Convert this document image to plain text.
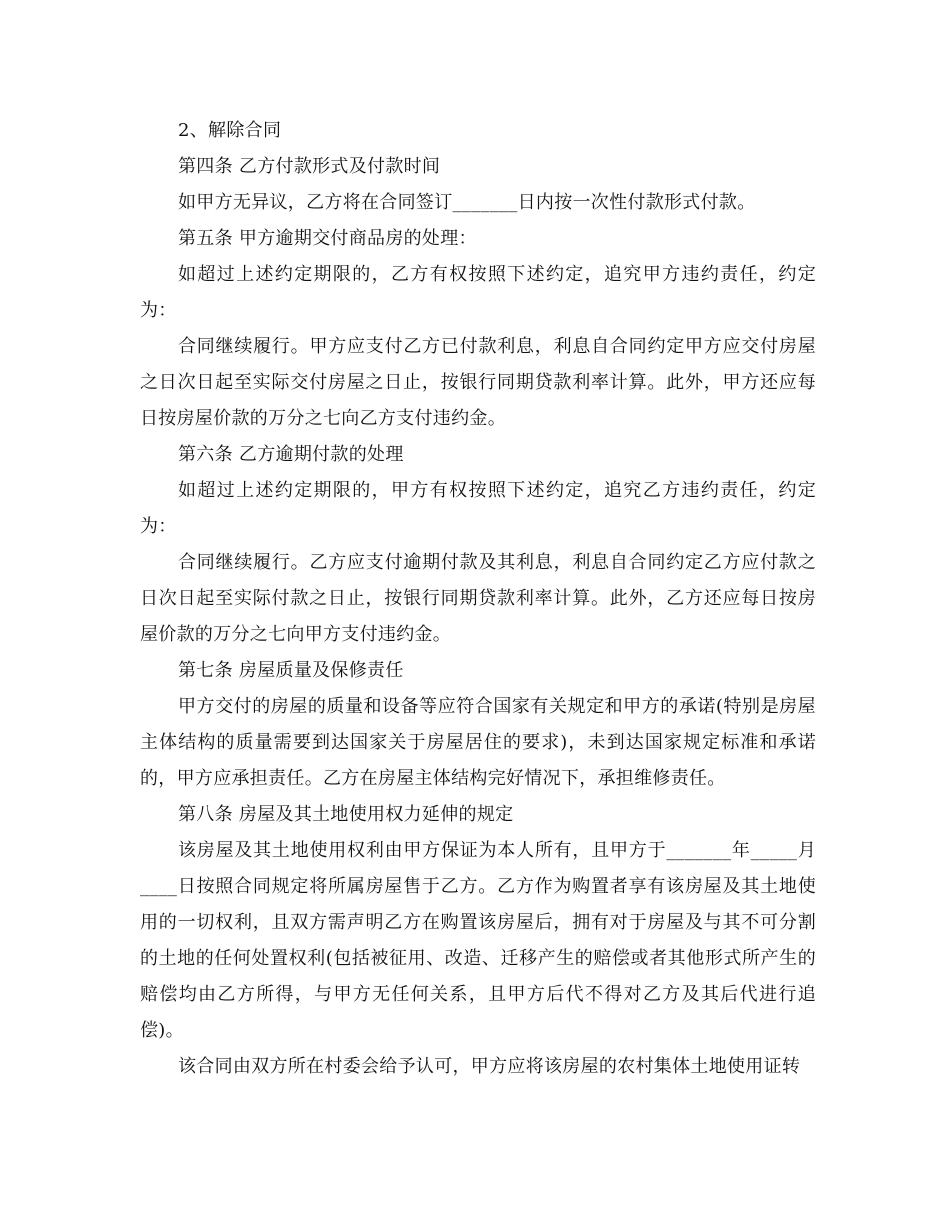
2、解除合同

第四条 乙方付款形式及付款时间

如甲方无异议，乙方将在合同签订_______日内按一次性付款形式付款。

第五条 甲方逾期交付商品房的处理：

如超过上述约定期限的，乙方有权按照下述约定，追究甲方违约责任，约定为：

合同继续履行。甲方应支付乙方已付款利息，利息自合同约定甲方应交付房屋之日次日起至实际交付房屋之日止，按银行同期贷款利率计算。此外，甲方还应每日按房屋价款的万分之七向乙方支付违约金。

第六条 乙方逾期付款的处理

如超过上述约定期限的，甲方有权按照下述约定，追究乙方违约责任，约定为：

合同继续履行。乙方应支付逾期付款及其利息，利息自合同约定乙方应付款之日次日起至实际付款之日止，按银行同期贷款利率计算。此外，乙方还应每日按房屋价款的万分之七向甲方支付违约金。

第七条 房屋质量及保修责任

甲方交付的房屋的质量和设备等应符合国家有关规定和甲方的承诺(特别是房屋主体结构的质量需要到达国家关于房屋居住的要求)，未到达国家规定标准和承诺的，甲方应承担责任。乙方在房屋主体结构完好情况下，承担维修责任。

第八条 房屋及其土地使用权力延伸的规定

该房屋及其土地使用权利由甲方保证为本人所有，且甲方于_______年_____月____日按照合同规定将所属房屋售于乙方。乙方作为购置者享有该房屋及其土地使用的一切权利，且双方需声明乙方在购置该房屋后，拥有对于房屋及与其不可分割的土地的任何处置权利(包括被征用、改造、迁移产生的赔偿或者其他形式所产生的赔偿均由乙方所得，与甲方无任何关系，且甲方后代不得对乙方及其后代进行追偿)。

该合同由双方所在村委会给予认可，甲方应将该房屋的农村集体土地使用证转
